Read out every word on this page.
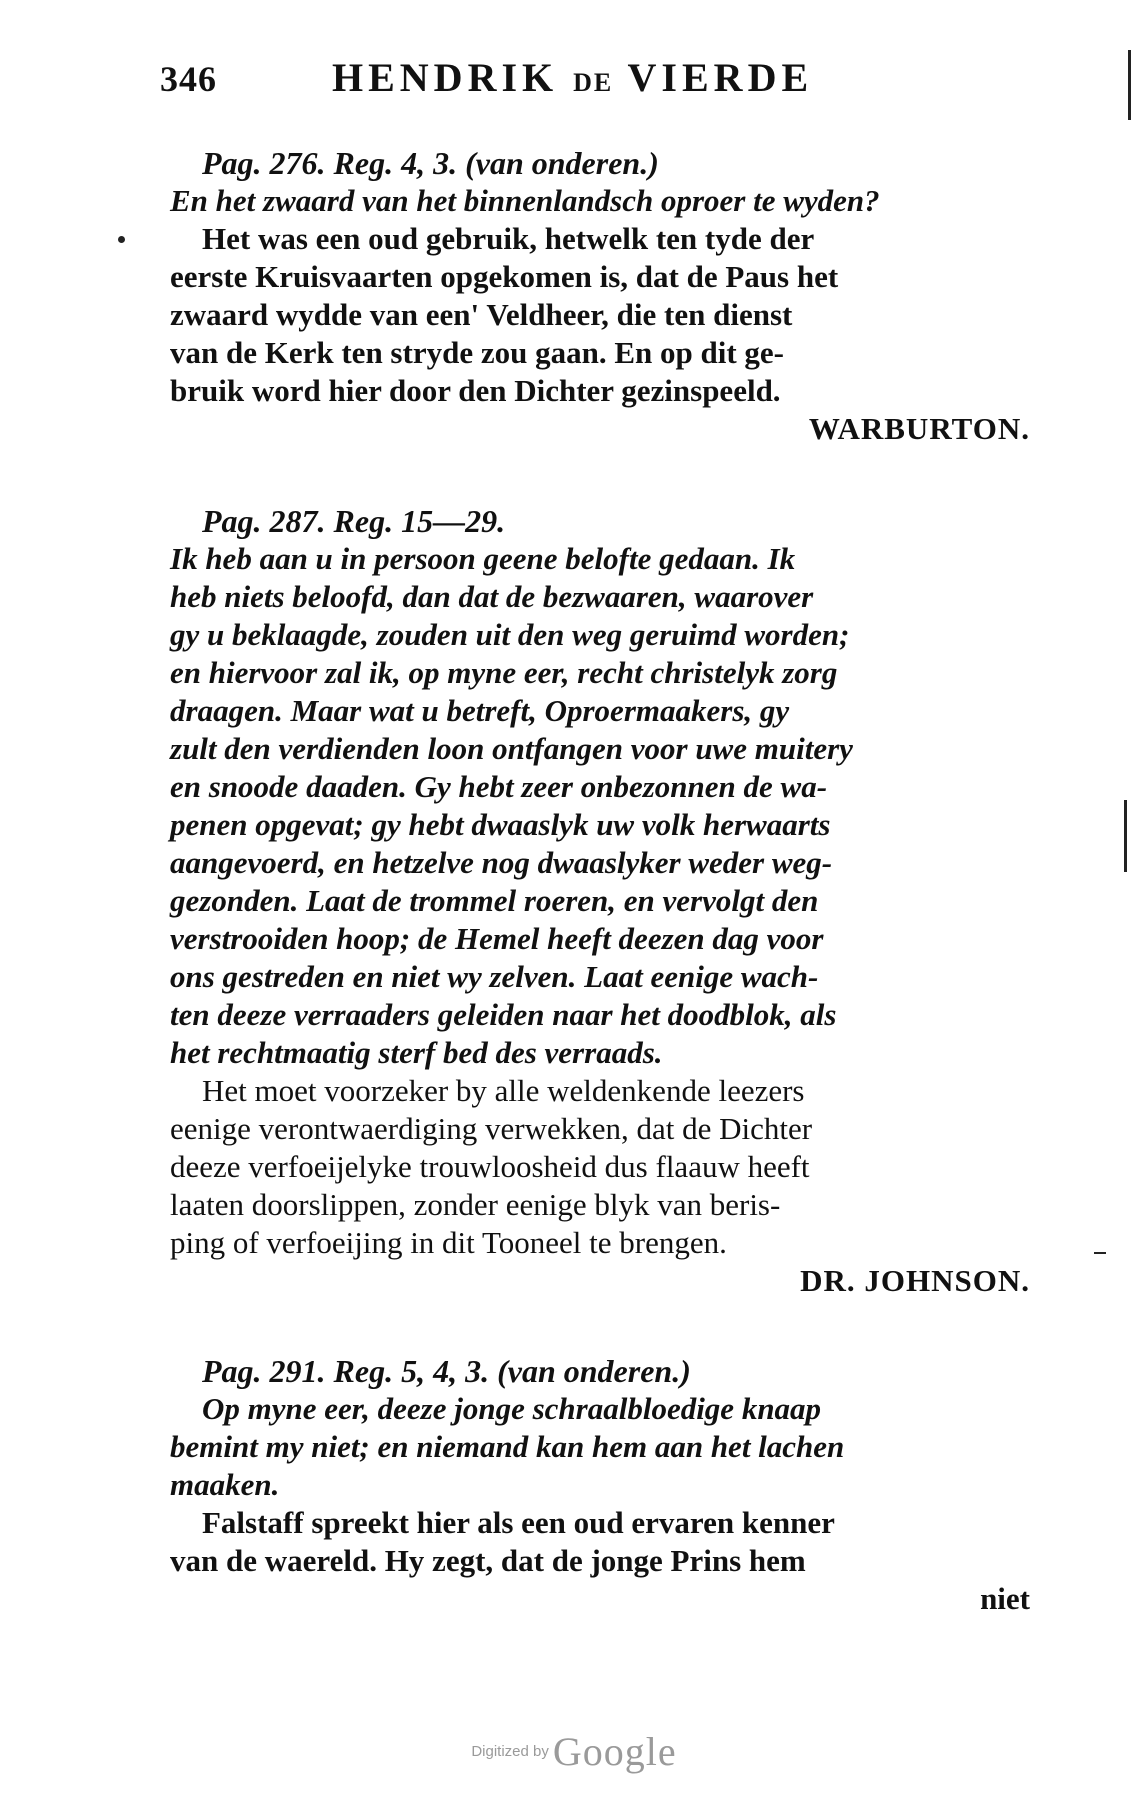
346	HENDRIK DE VIERDE
Pag. 276. Reg. 4, 3. (van onderen.)
En het zwaard van het binnenlandsch oproer te wyden?
Het was een oud gebruik, hetwelk ten tyde der
eerste Kruisvaarten opgekomen is, dat de Paus het
zwaard wydde van een' Veldheer, die ten dienst
van de Kerk ten stryde zou gaan. En op dit ge-
bruik word hier door den Dichter gezinspeeld.
WARBURTON.
Pag. 287. Reg. 15—29.
Ik heb aan u in persoon geene belofte gedaan. Ik
heb niets beloofd, dan dat de bezwaaren, waarover
gy u beklaagde, zouden uit den weg geruimd worden;
en hiervoor zal ik, op myne eer, recht christelyk zorg
draagen. Maar wat u betreft, Oproermaakers, gy
zult den verdienden loon ontfangen voor uwe muitery
en snoode daaden. Gy hebt zeer onbezonnen de wa-
penen opgevat; gy hebt dwaaslyk uw volk herwaarts
aangevoerd, en hetzelve nog dwaaslyker weder weg-
gezonden. Laat de trommel roeren, en vervolgt den
verstrooiden hoop; de Hemel heeft deezen dag voor
ons gestreden en niet wy zelven. Laat eenige wach-
ten deeze verraaders geleiden naar het doodblok, als
het rechtmaatig sterf bed des verraads.
Het moet voorzeker by alle weldenkende leezers
eenige verontwaerdiging verwekken, dat de Dichter
deeze verfoeijelyke trouwloosheid dus flaauw heeft
laaten doorslippen, zonder eenige blyk van beris-
ping of verfoeijing in dit Tooneel te brengen.
DR. JOHNSON.
Pag. 291. Reg. 5, 4, 3. (van onderen.)
Op myne eer, deeze jonge schraalbloedige knaap
bemint my niet; en niemand kan hem aan het lachen
maaken.
Falstaff spreekt hier als een oud ervaren kenner
van de waereld. Hy zegt, dat de jonge Prins hem
niet
Digitized by Google
